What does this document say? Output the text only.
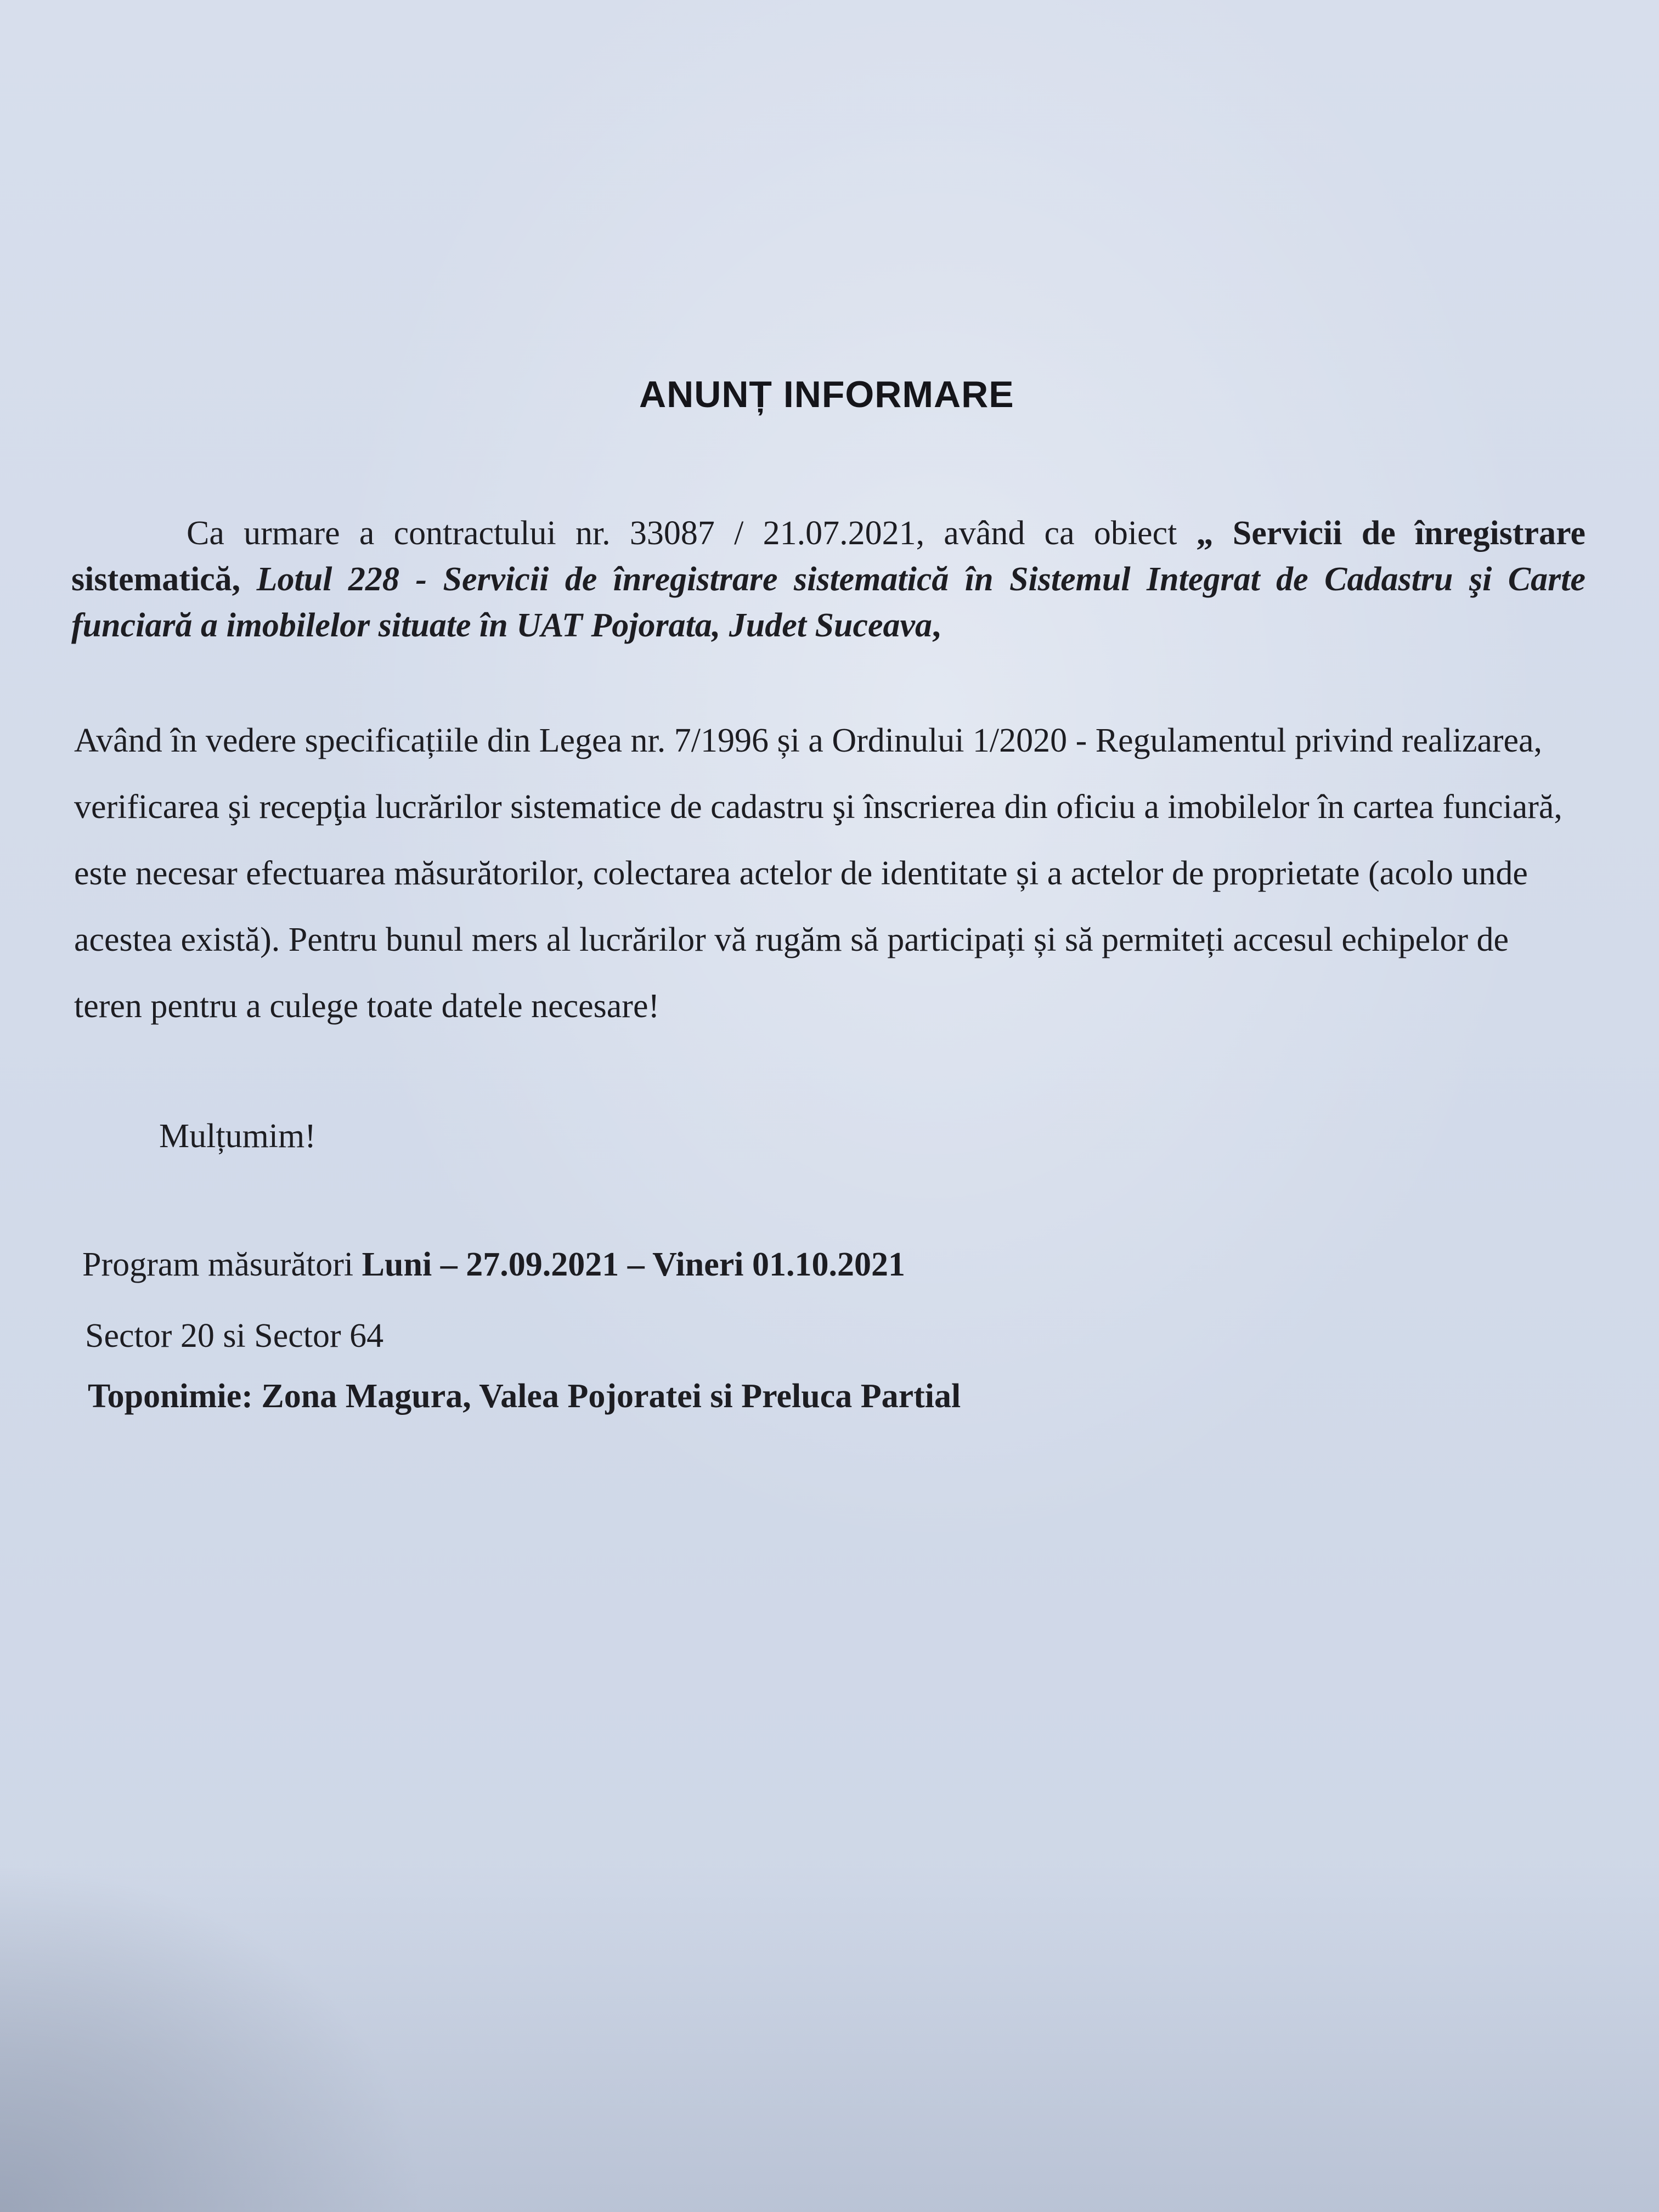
ANUNȚ INFORMARE
Ca urmare a contractului nr. 33087 / 21.07.2021, având ca obiect „ Servicii de înregistrare sistematică, Lotul 228 - Servicii de înregistrare sistematică în Sistemul Integrat de Cadastru şi Carte funciară a imobilelor situate în UAT Pojorata, Judet Suceava,
Având în vedere specificațiile din Legea nr. 7/1996 și a Ordinului 1/2020 - Regulamentul privind realizarea, verificarea şi recepţia lucrărilor sistematice de cadastru şi înscrierea din oficiu a imobilelor în cartea funciară, este necesar efectuarea măsurătorilor, colectarea actelor de identitate și a actelor de proprietate (acolo unde acestea există). Pentru bunul mers al lucrărilor vă rugăm să participați și să permiteți accesul echipelor de teren pentru a culege toate datele necesare!
Mulțumim!
Program măsurători Luni – 27.09.2021 – Vineri 01.10.2021
Sector 20 si Sector 64
Toponimie: Zona Magura, Valea Pojoratei si Preluca Partial
